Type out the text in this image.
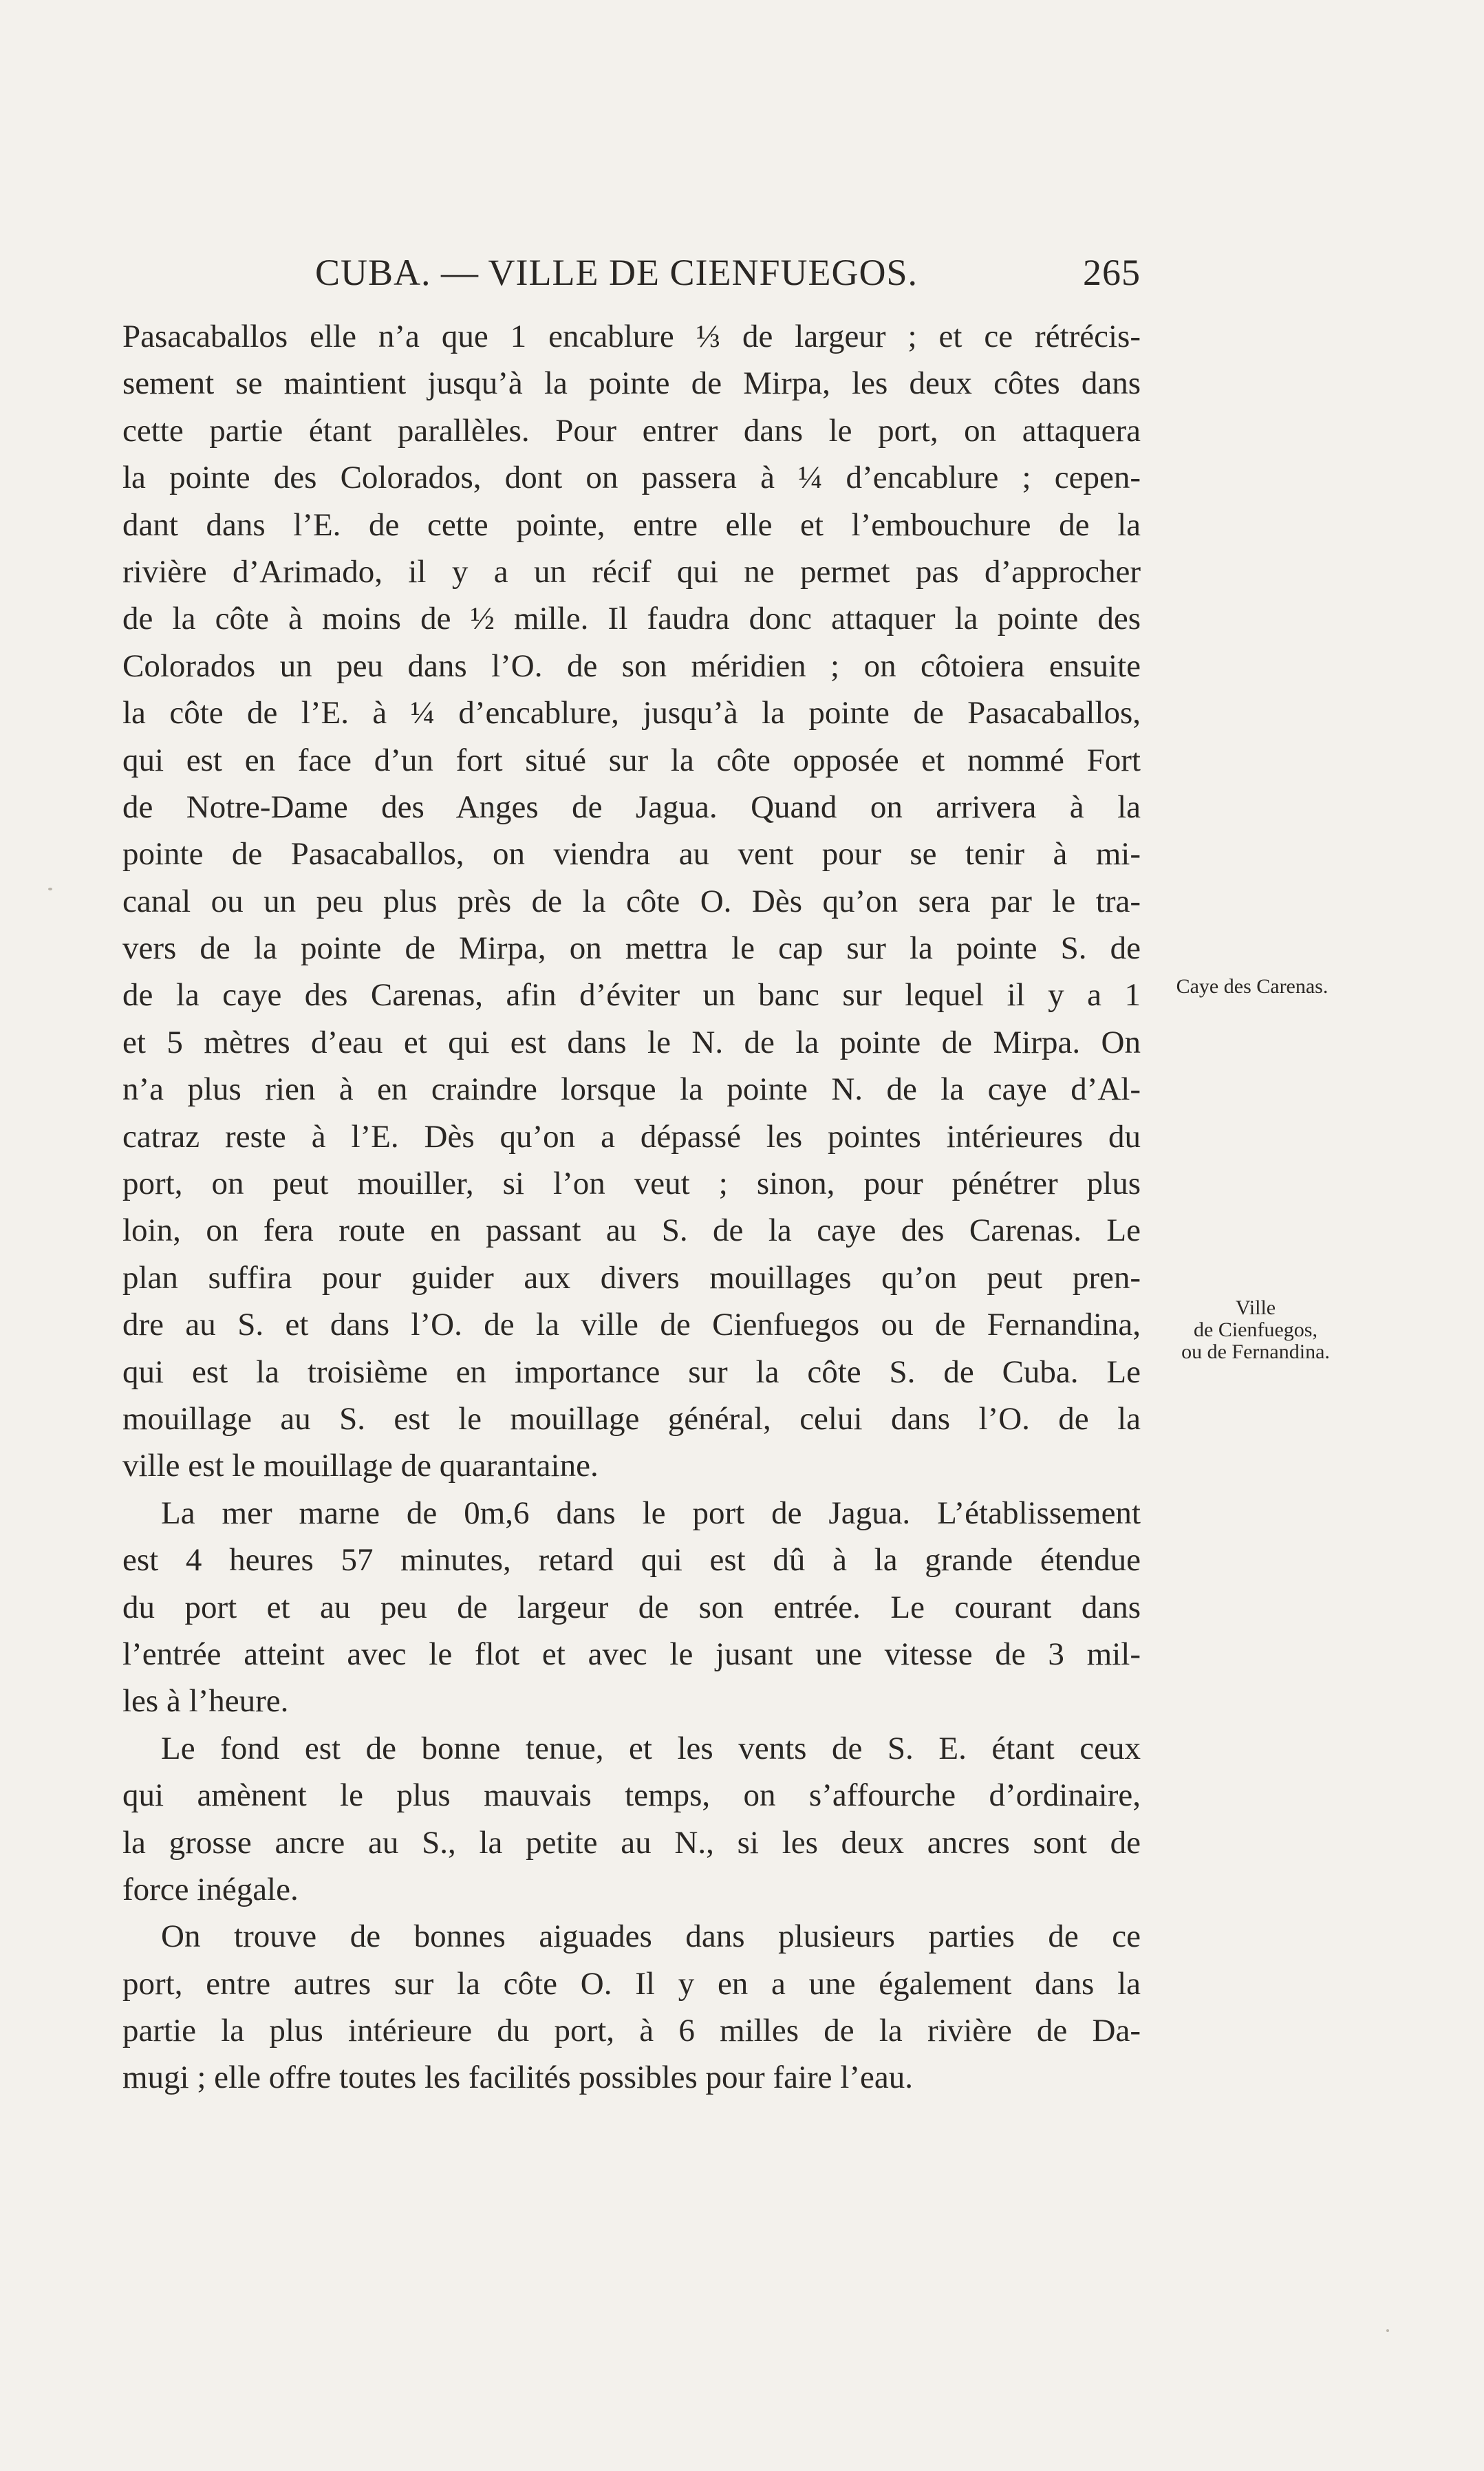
CUBA. — VILLE DE CIENFUEGOS.	265
Pasacaballos elle n’a que 1 encablure ⅓ de largeur ; et ce rétrécis-
sement se maintient jusqu’à la pointe de Mirpa, les deux côtes dans
cette partie étant parallèles. Pour entrer dans le port, on attaquera
la pointe des Colorados, dont on passera à ¼ d’encablure ; cepen-
dant dans l’E. de cette pointe, entre elle et l’embouchure de la
rivière d’Arimado, il y a un récif qui ne permet pas d’approcher
de la côte à moins de ½ mille. Il faudra donc attaquer la pointe des
Colorados un peu dans l’O. de son méridien ; on côtoiera ensuite
la côte de l’E. à ¼ d’encablure, jusqu’à la pointe de Pasacaballos,
qui est en face d’un fort situé sur la côte opposée et nommé Fort
de Notre-Dame des Anges de Jagua. Quand on arrivera à la
pointe de Pasacaballos, on viendra au vent pour se tenir à mi-
canal ou un peu plus près de la côte O. Dès qu’on sera par le tra-
vers de la pointe de Mirpa, on mettra le cap sur la pointe S. de
de la caye des Carenas, afin d’éviter un banc sur lequel il y a 1
et 5 mètres d’eau et qui est dans le N. de la pointe de Mirpa. On
n’a plus rien à en craindre lorsque la pointe N. de la caye d’Al-
catraz reste à l’E. Dès qu’on a dépassé les pointes intérieures du
port, on peut mouiller, si l’on veut ; sinon, pour pénétrer plus
loin, on fera route en passant au S. de la caye des Carenas. Le
plan suffira pour guider aux divers mouillages qu’on peut pren-
dre au S. et dans l’O. de la ville de Cienfuegos ou de Fernandina,
qui est la troisième en importance sur la côte S. de Cuba. Le
mouillage au S. est le mouillage général, celui dans l’O. de la
ville est le mouillage de quarantaine.
La mer marne de 0m,6 dans le port de Jagua. L’établissement
est 4 heures 57 minutes, retard qui est dû à la grande étendue
du port et au peu de largeur de son entrée. Le courant dans
l’entrée atteint avec le flot et avec le jusant une vitesse de 3 mil-
les à l’heure.
Le fond est de bonne tenue, et les vents de S. E. étant ceux
qui amènent le plus mauvais temps, on s’affourche d’ordinaire,
la grosse ancre au S., la petite au N., si les deux ancres sont de
force inégale.
On trouve de bonnes aiguades dans plusieurs parties de ce
port, entre autres sur la côte O. Il y en a une également dans la
partie la plus intérieure du port, à 6 milles de la rivière de Da-
mugi ; elle offre toutes les facilités possibles pour faire l’eau.
Caye des Carenas.
Ville
de Cienfuegos,
ou de Fernandina.
